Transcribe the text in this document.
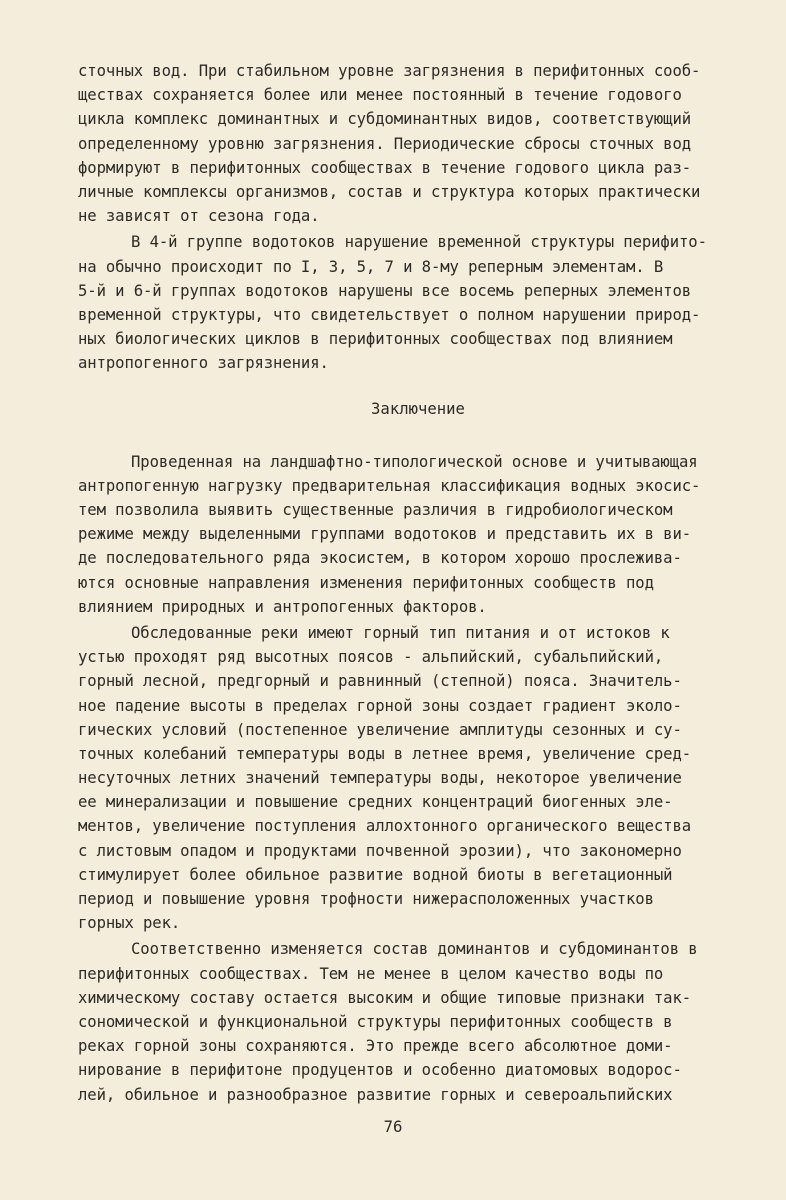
сточных вод. При стабильном уровне загрязнения в перифитонных сооб-
ществах сохраняется более или менее постоянный в течение годового
цикла комплекс доминантных и субдоминантных видов, соответствующий
определенному уровню загрязнения. Периодические сбросы сточных вод
формируют в перифитонных сообществах в течение годового цикла раз-
личные комплексы организмов, состав и структура которых практически
не зависят от сезона года.
В 4-й группе водотоков нарушение временной структуры перифито-
на обычно происходит по I, 3, 5, 7 и 8-му реперным элементам. В
5-й и 6-й группах водотоков нарушены все восемь реперных элементов
временной структуры, что свидетельствует о полном нарушении природ-
ных биологических циклов в перифитонных сообществах под влиянием
антропогенного загрязнения.
Заключение
Проведенная на ландшафтно-типологической основе и учитывающая
антропогенную нагрузку предварительная классификация водных экосис-
тем позволила выявить существенные различия в гидробиологическом
режиме между выделенными группами водотоков и представить их в ви-
де последовательного ряда экосистем, в котором хорошо прослежива-
ются основные направления изменения перифитонных сообществ под
влиянием природных и антропогенных факторов.
Обследованные реки имеют горный тип питания и от истоков к
устью проходят ряд высотных поясов - альпийский, субальпийский,
горный лесной, предгорный и равнинный (степной) пояса. Значитель-
ное падение высоты в пределах горной зоны создает градиент эколо-
гических условий (постепенное увеличение амплитуды сезонных и су-
точных колебаний температуры воды в летнее время, увеличение сред-
несуточных летних значений температуры воды, некоторое увеличение
ее минерализации и повышение средних концентраций биогенных эле-
ментов, увеличение поступления аллохтонного органического вещества
с листовым опадом и продуктами почвенной эрозии), что закономерно
стимулирует более обильное развитие водной биоты в вегетационный
период и повышение уровня трофности нижерасположенных участков
горных рек.
Соответственно изменяется состав доминантов и субдоминантов в
перифитонных сообществах. Тем не менее в целом качество воды по
химическому составу остается высоким и общие типовые признаки так-
сономической и функциональной структуры перифитонных сообществ в
реках горной зоны сохраняются. Это прежде всего абсолютное доми-
нирование в перифитоне продуцентов и особенно диатомовых водорос-
лей, обильное и разнообразное развитие горных и североальпийских
76
